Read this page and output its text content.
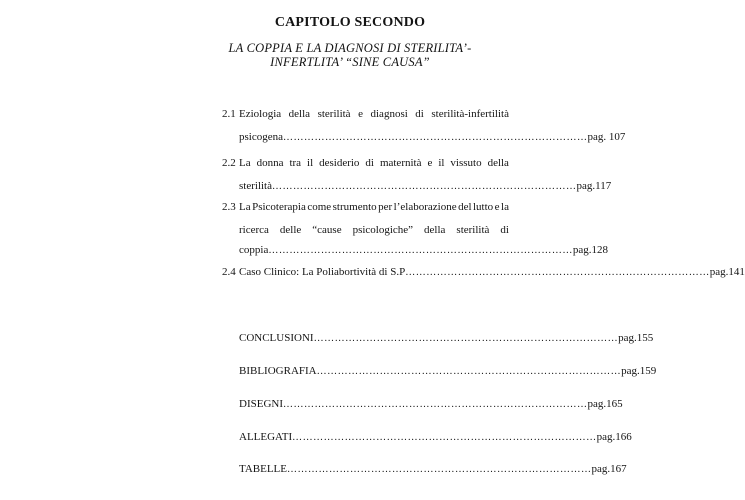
CAPITOLO SECONDO
LA COPPIA E LA DIAGNOSI DI STERILITA’-
INFERTLITA’ “SINE CAUSA”
2.1 Eziologia della sterilità e diagnosi di sterilità-infertilità
psicogena …………………………………………………………………………… pag. 107
2.2 La donna tra il desiderio di maternità e il vissuto della
sterilità …………………………………………………………………………… pag.117
2.3 La Psicoterapia come strumento per l’elaborazione del lutto e la
ricerca delle “cause psicologiche” della sterilità di
coppia …………………………………………………………………………… pag.128
2.4 Caso Clinico: La Poliabortività di S.P …………………………………………………………………………… pag.141
CONCLUSIONI …………………………………………………………………………… pag.155
BIBLIOGRAFIA …………………………………………………………………………… pag.159
DISEGNI …………………………………………………………………………… pag.165
ALLEGATI …………………………………………………………………………… pag.166
TABELLE …………………………………………………………………………… pag.167
